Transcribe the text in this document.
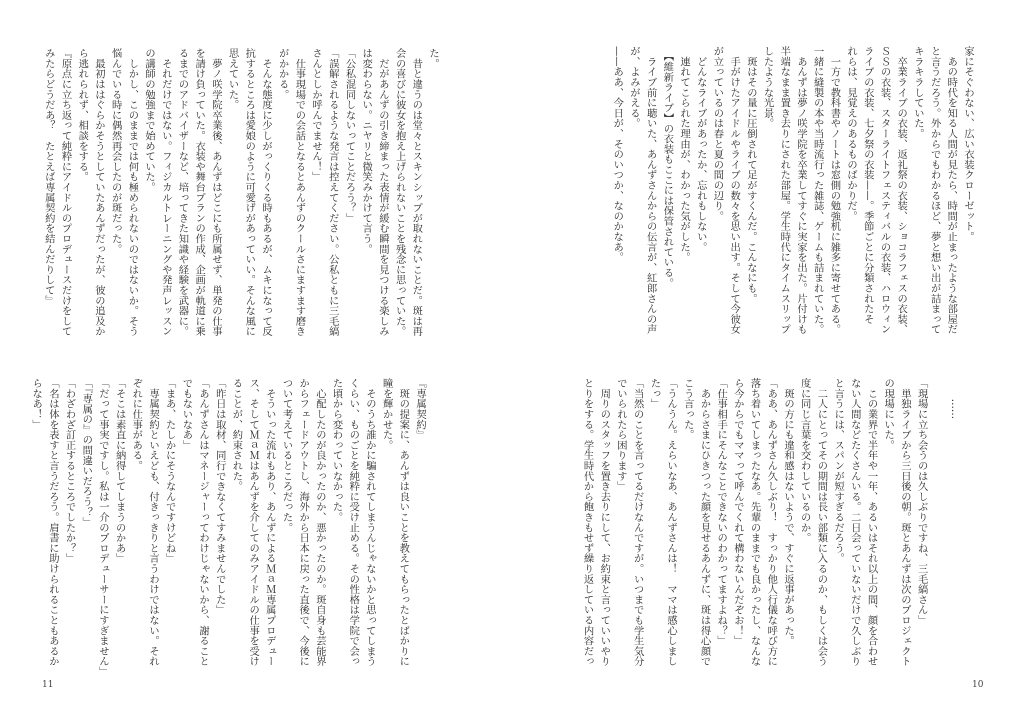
た。
　昔と違うのは堂々とスキンシップが取れないことだ。斑は再
会の喜びに彼女を抱え上げられないことを残念に思っていた。
　だがあんずの引き締まった表情が緩む瞬間を見つける楽しみ
は変わらない。ニヤリと微笑みかけて言う。
「公私混同しないってことだろう？」
「誤解されるような発言は控えてください。公私ともに三毛縞
さんとしか呼んでません！」
　仕事現場での会話となるとあんずのクールさにますます磨き
がかかる。
　そんな態度に少しがっくりくる時もあるが、ムキになって反
抗するところは愛娘のように可愛げがあっていい。そんな風に
思えていた。
　夢ノ咲学院卒業後、あんずはどこにも所属せず、単発の仕事
を請け負っていた。衣装や舞台プランの作成、企画が軌道に乗
るまでのアドバイザーなど、培ってきた知識や経験を武器に。
　それだけではない。フィジカルトレーニングや発声レッスン
の講師の勉強まで始めていた。
　しかし、このままでは何も極められないのではないか。そう
悩んでいる時に偶然再会したのが斑だった。
　最初ははぐらかそうとしていたあんずだったが、彼の追及か
ら逃れられず、相談をする。
『原点に立ち返って純粋にアイドルのプロデュースだけをして
みたらどうだあ？　たとえば専属契約を結んだりして』
『専属契約』
　斑の提案に、あんずは良いことを教えてもらったとばかりに
瞳を輝かせた。
　そのうち誰かに騙されてしまうんじゃないかと思ってしまう
くらい、ものごとを純粋に受け止める。その性格は学院で会っ
た頃から変わっていなかった。
　心配したのが良かったのか、悪かったのか。斑自身も芸能界
からフェードアウトし、海外から日本に戻った直後で、今後に
ついて考えているところだった。
　そういった流れもあり、あんずによるＭａＭ専属プロデュー
ス、そしてＭａＭはあんずを介してのみアイドルの仕事を受け
ることが、約束された。
「昨日は取材、同行できなくてすみませんでした」
「あんずさんはマネージャーってわけじゃないから、謝ること
でもないなあ」
「まあ、たしかにそうなんですけどね」
　専属契約といえども、付きっきりと言うわけではない。それ
ぞれに仕事がある。
「そこは素直に納得してしまうのかあ」
「だって事実ですし。私は一介のプロデューサーにすぎません」
「『専属の』の間違いだろう？」
「わざわざ訂正するところでしたか？」
「名は体を表すと言うだろう。肩書に助けられることもあるか
らなあ！」
11
家にそぐわない、広い衣装クローゼット。
　あの時代を知る人間が見たら、時間が止まったような部屋だ
と言うだろう。外からでもわかるほど、夢と想い出が詰まって
キラキラしていた。
　卒業ライブの衣装、返礼祭の衣装、ショコラフェスの衣装、
ＳＳの衣装、スターライトフェスティバルの衣装、ハロウィン
ライブの衣装、七夕祭の衣装——。季節ごとに分類されたそ
れらは、見覚えのあるものばかりだ。
　一方で教科書やノートは窓側の勉強机に雑多に寄せてある。
一緒に縫製の本や当時流行った雑誌、ゲームも詰まれていた。
　あんずは夢ノ咲学院を卒業してすぐに実家を出た。片付けも
半端なまま置き去りにされた部屋。学生時代にタイムスリップ
したような光景。
　斑はその量に圧倒されて足がすくんだ。こんなにも。
　手がけたアイドルやライブの数々を思い出す。そして今彼女
が立っているのは春と夏の間の辺り。
　どんなライブがあったか、忘れもしない。
　連れてこられた理由が、わかった気がした。
　【維新ライブ】の衣装もここには保管されている。
　ライブ前に聴いた、あんずさんからの伝言が、紅郎さんの声
が、よみがえる。
——ああ、今日が、そのいつか、なのかなあ。
　　……
「現場に立ち会うのは久しぶりですね、三毛縞さん」
　単独ライブから三日後の朝。斑とあんずは次のプロジェクト
の現場にいた。
　この業界で半年や一年、あるいはそれ以上の間、顔を合わせ
ない人間などたくさんいる。二日会っていないだけで久しぶり
と言うには、スパンが短すぎるだろう。
　二人にとってその期間は長い部類に入るのか、もしくは会う
度に同じ言葉を交わしているのか。
　斑の方にも違和感はないようで、すぐに返事があった。
「ああ、あんずさん久しぶり！　すっかり他人行儀な呼び方に
落ち着いてしまったなあ。先輩のままでも良かったし、なんな
ら今からでもママって呼んでくれて構わないんだぞお！」
「仕事相手にそんなことできないのわかってますよね？」
　あからさまにひきつった顔を見せるあんずに、斑は得心顔で
こう言った。
「うんうん。えらいなあ、あんずさんは！　ママは感心しまし
たっ」
「当然のことを言ってるだけなんですが。いつまでも学生気分
でいられたら困ります」
　周りのスタッフを置き去りにして、お約束と言っていいやり
とりをする。学生時代から飽きもせず繰り返している内容だっ
10
